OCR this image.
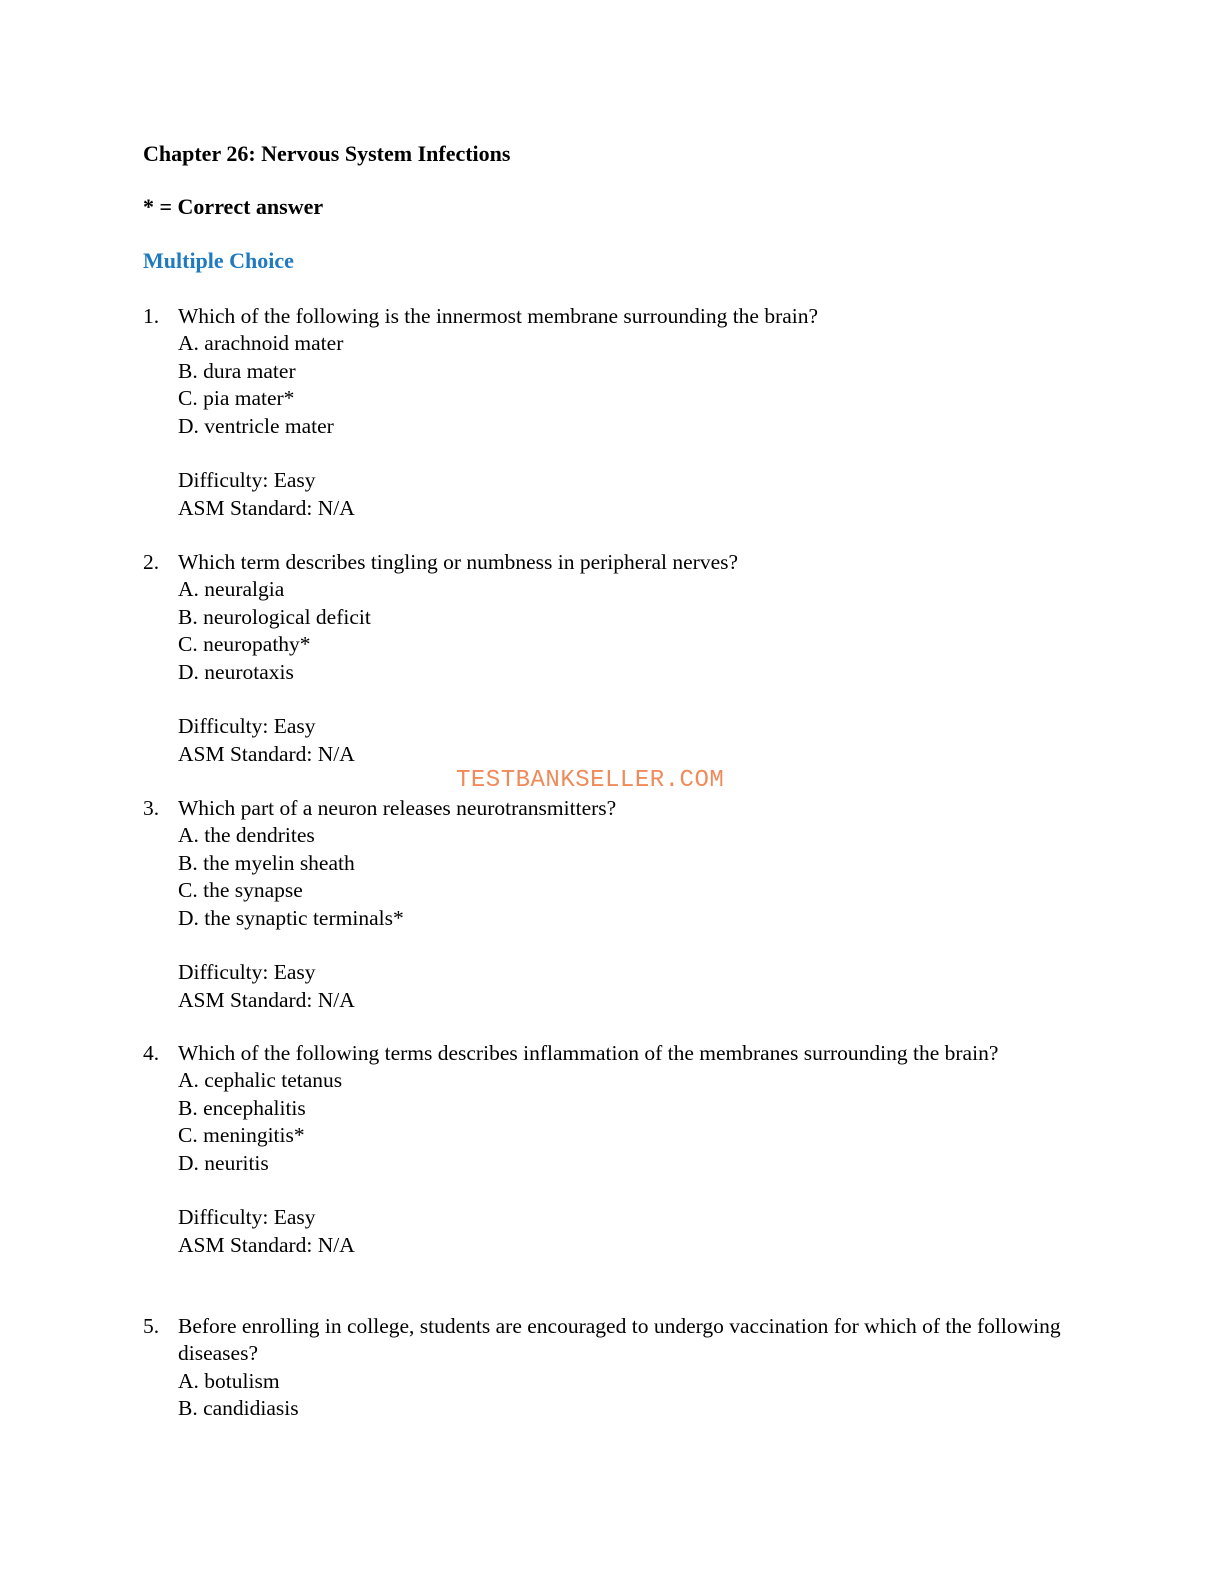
Chapter 26: Nervous System Infections
* = Correct answer
Multiple Choice
1. Which of the following is the innermost membrane surrounding the brain?
A. arachnoid mater
B. dura mater
C. pia mater*
D. ventricle mater
Difficulty: Easy
ASM Standard: N/A
2. Which term describes tingling or numbness in peripheral nerves?
A. neuralgia
B. neurological deficit
C. neuropathy*
D. neurotaxis
Difficulty: Easy
ASM Standard: N/A
TESTBANKSELLER.COM
3. Which part of a neuron releases neurotransmitters?
A. the dendrites
B. the myelin sheath
C. the synapse
D. the synaptic terminals*
Difficulty: Easy
ASM Standard: N/A
4. Which of the following terms describes inflammation of the membranes surrounding the brain?
A. cephalic tetanus
B. encephalitis
C. meningitis*
D. neuritis
Difficulty: Easy
ASM Standard: N/A
5. Before enrolling in college, students are encouraged to undergo vaccination for which of the following diseases?
A. botulism
B. candidiasis
